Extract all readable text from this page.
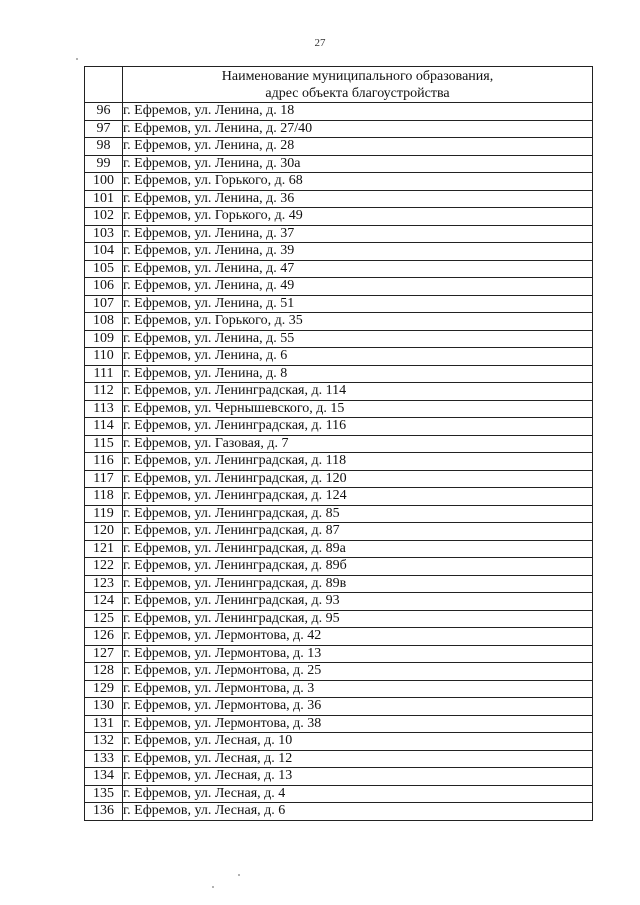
27

	Наименование муниципального образования,
адрес объекта благоустройства

96	г. Ефремов, ул. Ленина, д. 18
97	г. Ефремов, ул. Ленина, д. 27/40
98	г. Ефремов, ул. Ленина, д. 28
99	г. Ефремов, ул. Ленина, д. 30а
100	г. Ефремов, ул. Горького, д. 68
101	г. Ефремов, ул. Ленина, д. 36
102	г. Ефремов, ул. Горького, д. 49
103	г. Ефремов, ул. Ленина, д. 37
104	г. Ефремов, ул. Ленина, д. 39
105	г. Ефремов, ул. Ленина, д. 47
106	г. Ефремов, ул. Ленина, д. 49
107	г. Ефремов, ул. Ленина, д. 51
108	г. Ефремов, ул. Горького, д. 35
109	г. Ефремов, ул. Ленина, д. 55
110	г. Ефремов, ул. Ленина, д. 6
111	г. Ефремов, ул. Ленина, д. 8
112	г. Ефремов, ул. Ленинградская, д. 114
113	г. Ефремов, ул. Чернышевского, д. 15
114	г. Ефремов, ул. Ленинградская, д. 116
115	г. Ефремов, ул. Газовая, д. 7
116	г. Ефремов, ул. Ленинградская, д. 118
117	г. Ефремов, ул. Ленинградская, д. 120
118	г. Ефремов, ул. Ленинградская, д. 124
119	г. Ефремов, ул. Ленинградская, д. 85
120	г. Ефремов, ул. Ленинградская, д. 87
121	г. Ефремов, ул. Ленинградская, д. 89а
122	г. Ефремов, ул. Ленинградская, д. 89б
123	г. Ефремов, ул. Ленинградская, д. 89в
124	г. Ефремов, ул. Ленинградская, д. 93
125	г. Ефремов, ул. Ленинградская, д. 95
126	г. Ефремов, ул. Лермонтова, д. 42
127	г. Ефремов, ул. Лермонтова, д. 13
128	г. Ефремов, ул. Лермонтова, д. 25
129	г. Ефремов, ул. Лермонтова, д. 3
130	г. Ефремов, ул. Лермонтова, д. 36
131	г. Ефремов, ул. Лермонтова, д. 38
132	г. Ефремов, ул. Лесная, д. 10
133	г. Ефремов, ул. Лесная, д. 12
134	г. Ефремов, ул. Лесная, д. 13
135	г. Ефремов, ул. Лесная, д. 4
136	г. Ефремов, ул. Лесная, д. 6
